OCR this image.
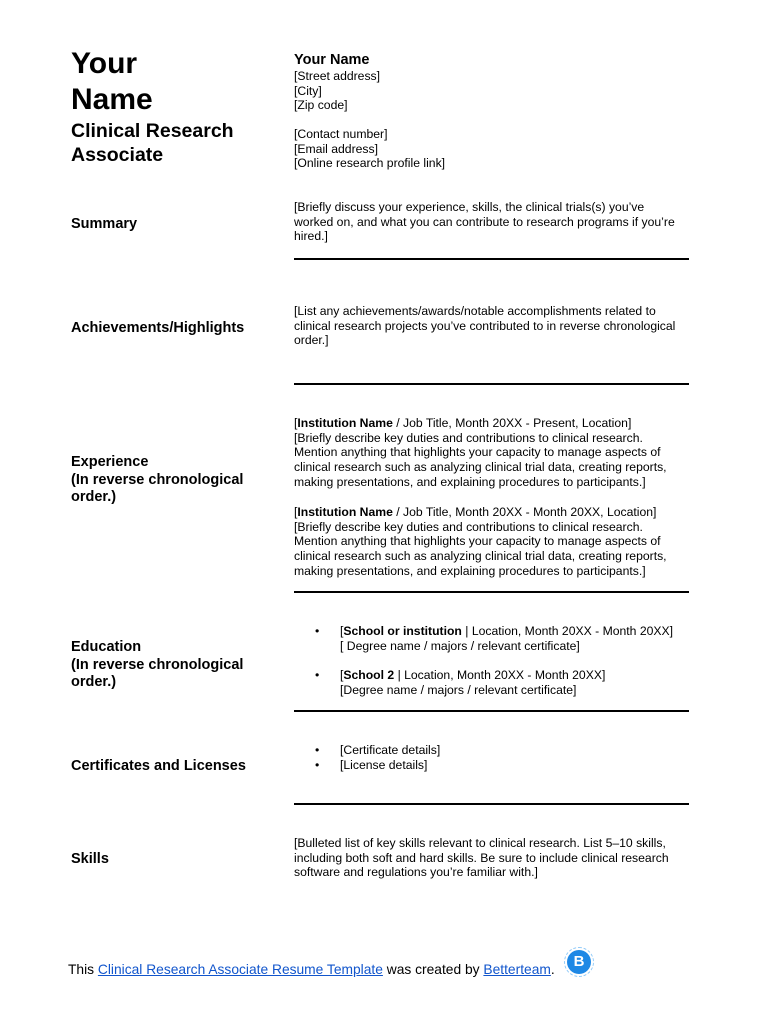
Your
Name
Clinical Research
Associate
Your Name
[Street address]
[City]
[Zip code]
[Contact number]
[Email address]
[Online research profile link]
Summary
[Briefly discuss your experience, skills, the clinical trials(s) you’ve
worked on, and what you can contribute to research programs if you’re
hired.]
Achievements/Highlights
[List any achievements/awards/notable accomplishments related to
clinical research projects you’ve contributed to in reverse chronological
order.]
Experience
(In reverse chronological
order.)
[Institution Name / Job Title, Month 20XX - Present, Location]
[Briefly describe key duties and contributions to clinical research.
Mention anything that highlights your capacity to manage aspects of
clinical research such as analyzing clinical trial data, creating reports,
making presentations, and explaining procedures to participants.]
[Institution Name / Job Title, Month 20XX - Month 20XX, Location]
[Briefly describe key duties and contributions to clinical research.
Mention anything that highlights your capacity to manage aspects of
clinical research such as analyzing clinical trial data, creating reports,
making presentations, and explaining procedures to participants.]
Education
(In reverse chronological
order.)
• [School or institution | Location, Month 20XX - Month 20XX]
[ Degree name / majors / relevant certificate]
• [School 2 | Location, Month 20XX - Month 20XX]
[Degree name / majors / relevant certificate]
Certificates and Licenses
• [Certificate details]
• [License details]
Skills
[Bulleted list of key skills relevant to clinical research. List 5–10 skills,
including both soft and hard skills. Be sure to include clinical research
software and regulations you’re familiar with.]
This Clinical Research Associate Resume Template was created by Betterteam.	B
